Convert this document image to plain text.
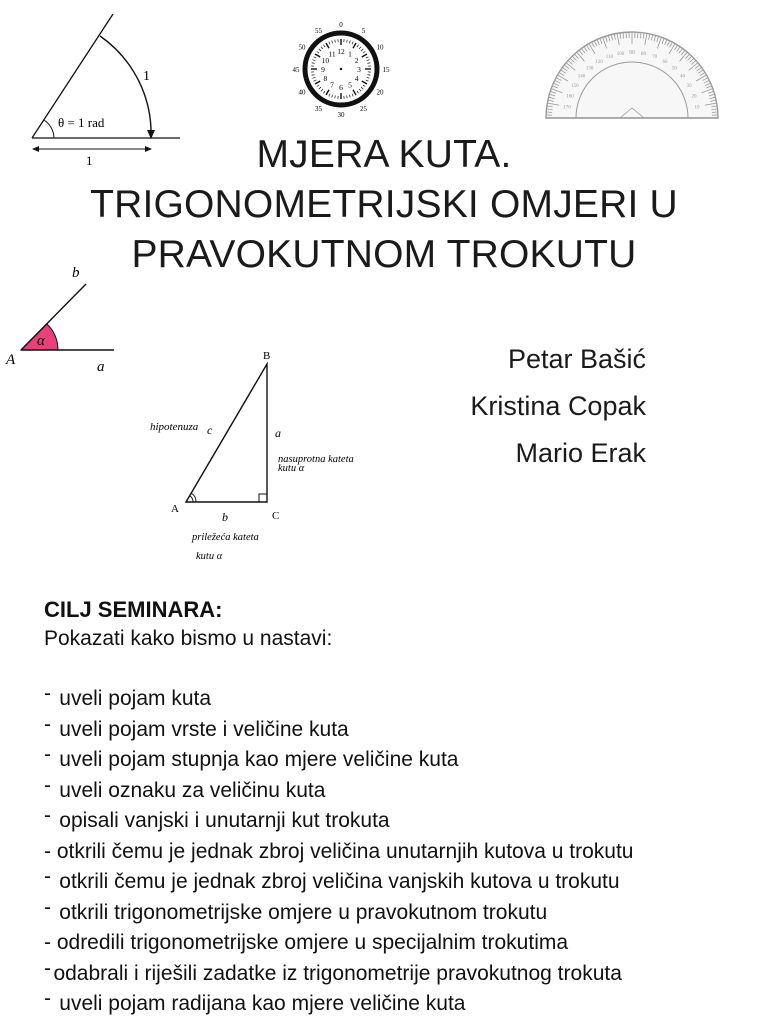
θ = 1 rad
1
1
1
2
3
4
5
6
7
8
9
10
11 12
0
5
10
15
20
25
30
35
40
45
50
55
10
20
30
40
50
60
70
80
100
110
120
130
140
150
160
170
90
MJERA KUTA.
TRIGONOMETRIJSKI OMJERI U
PRAVOKUTNOM TROKUTU
α
A	a
b
B
A
C
c
hipotenuza	a
nasuprotna kateta
kutu α
b
priležeća kateta
kutu α
Petar Bašić
Kristina Copak
Mario Erak
CILJ SEMINARA:
Pokazati kako bismo u nastavi:
- uveli pojam kuta
- uveli pojam vrste i veličine kuta
- uveli pojam stupnja kao mjere veličine kuta
- uveli oznaku za veličinu kuta
- opisali vanjski i unutarnji kut trokuta
- otkrili čemu je jednak zbroj veličina unutarnjih kutova u trokutu
- otkrili čemu je jednak zbroj veličina vanjskih kutova u trokutu
- otkrili trigonometrijske omjere u pravokutnom trokutu
- odredili trigonometrijske omjere u specijalnim trokutima
- odabrali i riješili zadatke iz trigonometrije pravokutnog trokuta
- uveli pojam radijana kao mjere veličine kuta
